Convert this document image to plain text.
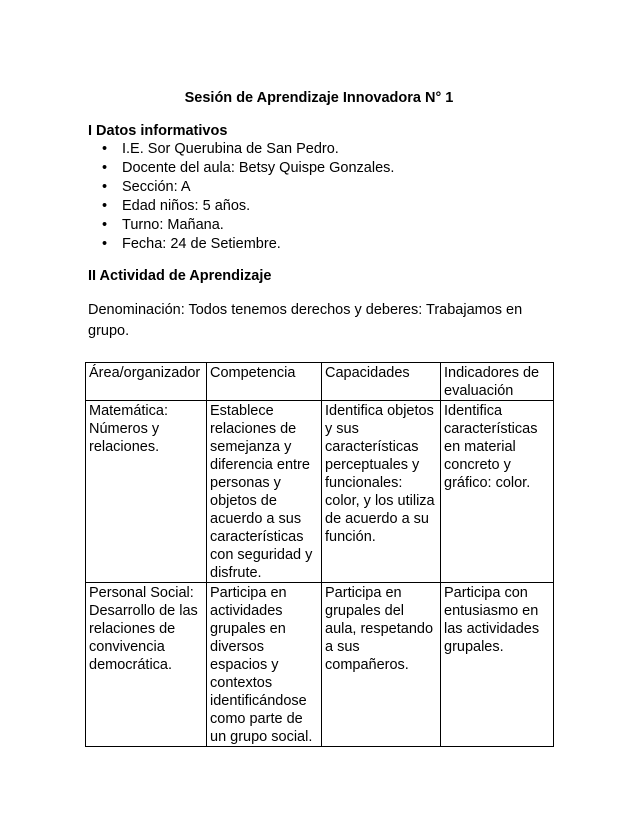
Sesión de Aprendizaje Innovadora N° 1
I Datos informativos
• I.E. Sor Querubina de San Pedro.
• Docente del aula: Betsy Quispe Gonzales.
• Sección: A
• Edad niños: 5 años.
• Turno: Mañana.
• Fecha: 24 de Setiembre.
II Actividad de Aprendizaje
Denominación: Todos tenemos derechos y deberes: Trabajamos en grupo.
Área/organizador	Competencia	Capacidades	Indicadores de evaluación
Matemática: Números y relaciones.	Establece relaciones de semejanza y diferencia entre personas y objetos de acuerdo a sus características con seguridad y disfrute.	Identifica objetos y sus características perceptuales y funcionales: color, y los utiliza de acuerdo a su función.	Identifica características en material concreto y gráfico: color.
Personal Social: Desarrollo de las relaciones de convivencia democrática.	Participa en actividades grupales en diversos espacios y contextos identificándose como parte de un grupo social.	Participa en grupales del aula, respetando a sus compañeros.	Participa con entusiasmo en las actividades grupales.
